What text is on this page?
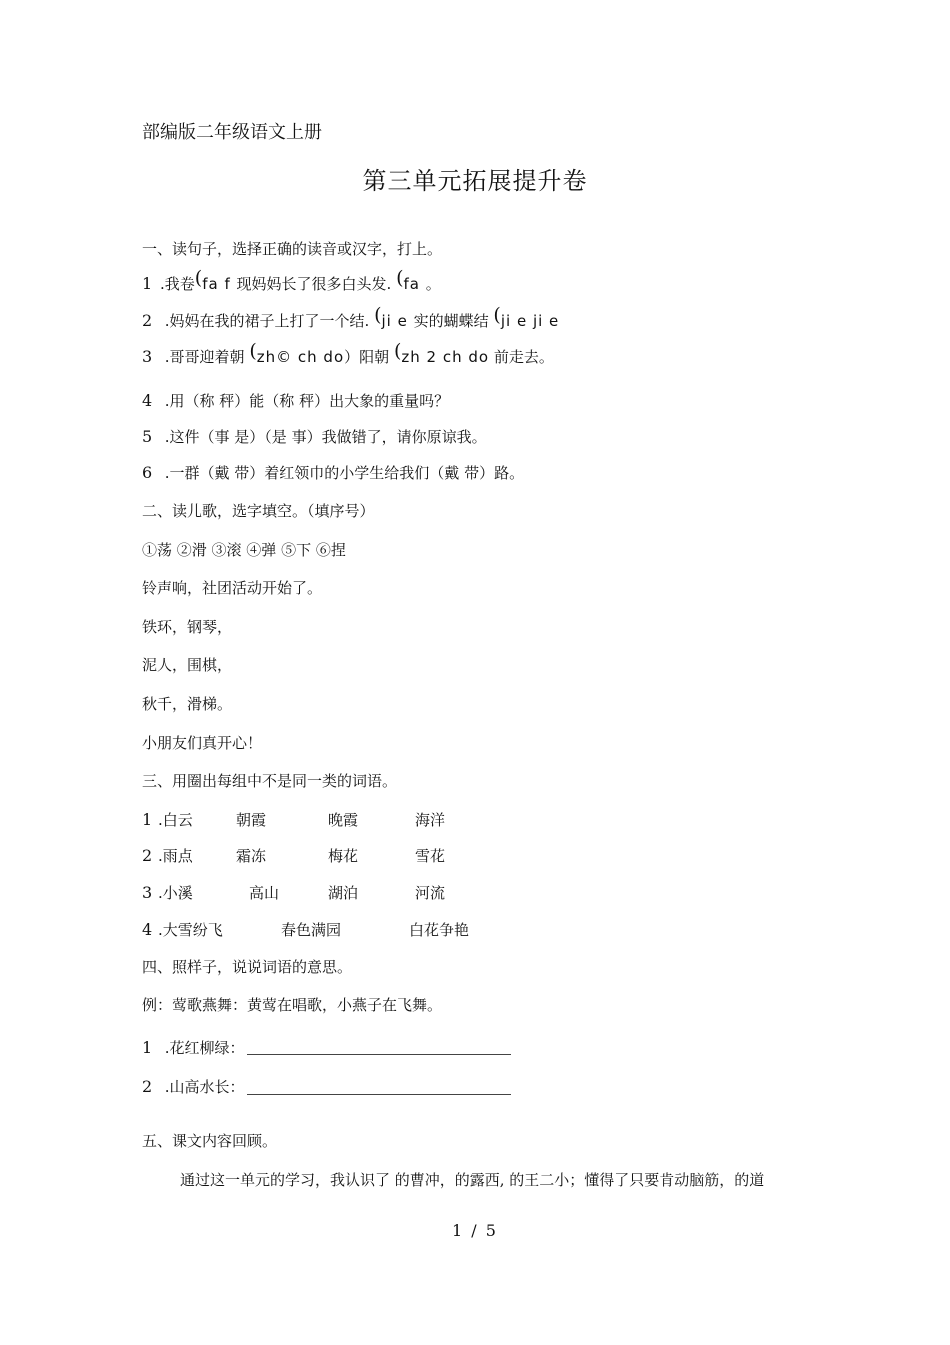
部编版二年级语文上册
第三单元拓展提升卷
一、读句子，选择正确的读音或汉字，打上。
1 .我卷(fa f 现妈妈长了很多白头发. (fa 。
2 .妈妈在我的裙子上打了一个结. (ji e 实的蝴蝶结 (ji e ji e
3 .哥哥迎着朝 (zh© ch do）阳朝 (zh 2 ch do 前走去。
4 .用（称 秤）能（称 秤）出大象的重量吗？
5 .这件（事 是）（是 事）我做错了，请你原谅我。
6 .一群（戴 带）着红领巾的小学生给我们（戴 带）路。
二、读儿歌，选字填空。（填序号）
①荡 ②滑 ③滚 ④弹 ⑤下 ⑥捏
铃声响，社团活动开始了。
铁环，钢琴，
泥人，围棋，
秋千，滑梯。
小朋友们真开心！
三、用圈出每组中不是同一类的词语。
1 .白云	朝霞	晚霞	海洋
2 .雨点	霜冻	梅花	雪花
3 .小溪	高山	湖泊	河流
4 .大雪纷飞	春色满园	白花争艳
四、照样子，说说词语的意思。
例：莺歌燕舞：黄莺在唱歌，小燕子在飞舞。
1 .花红柳绿：
2 .山高水长：
五、课文内容回顾。
通过这一单元的学习，我认识了 的曹冲，的露西, 的王二小；懂得了只要肯动脑筋，的道
1 / 5
